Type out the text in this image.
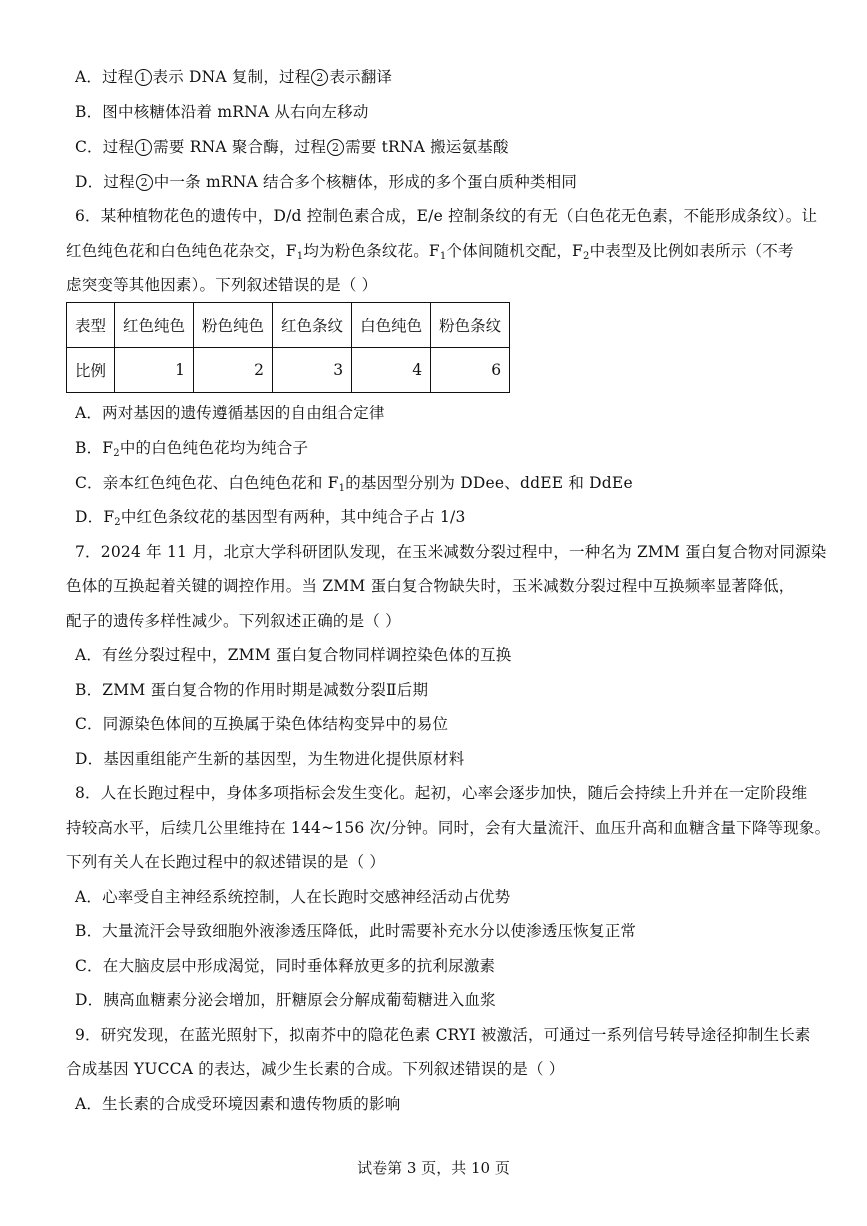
A．过程 1 表示 DNA 复制，过程 2 表示翻译
B．图中核糖体沿着 mRNA 从右向左移动
C．过程 1 需要 RNA 聚合酶，过程 2 需要 tRNA 搬运氨基酸
D．过程 2 中一条 mRNA 结合多个核糖体，形成的多个蛋白质种类相同
6．某种植物花色的遗传中，D/d 控制色素合成，E/e 控制条纹的有无（白色花无色素，不能形成条纹）。让
红色纯色花和白色纯色花杂交，$F_1$均为粉色条纹花。$F_1$个体间随机交配，$F_2$中表型及比例如表所示（不考
虑突变等其他因素）。下列叙述错误的是（ ）
表型	红色纯色	粉色纯色	红色条纹	白色纯色	粉色条纹
比例	1	2	3	4	6
A．两对基因的遗传遵循基因的自由组合定律
B．$F_2$中的白色纯色花均为纯合子
C．亲本红色纯色花、白色纯色花和 $F_1$的基因型分别为 DDee、ddEE 和 DdEe
D．$F_2$中红色条纹花的基因型有两种，其中纯合子占 1/3
7．2024 年 11 月，北京大学科研团队发现，在玉米减数分裂过程中，一种名为 ZMM 蛋白复合物对同源染
色体的互换起着关键的调控作用。当 ZMM 蛋白复合物缺失时，玉米减数分裂过程中互换频率显著降低，
配子的遗传多样性减少。下列叙述正确的是（ ）
A．有丝分裂过程中，ZMM 蛋白复合物同样调控染色体的互换
B．ZMM 蛋白复合物的作用时期是减数分裂Ⅱ后期
C．同源染色体间的互换属于染色体结构变异中的易位
D．基因重组能产生新的基因型，为生物进化提供原材料
8．人在长跑过程中，身体多项指标会发生变化。起初，心率会逐步加快，随后会持续上升并在一定阶段维
持较高水平，后续几公里维持在 144~156 次/分钟。同时，会有大量流汗、血压升高和血糖含量下降等现象。
下列有关人在长跑过程中的叙述错误的是（ ）
A．心率受自主神经系统控制，人在长跑时交感神经活动占优势
B．大量流汗会导致细胞外液渗透压降低，此时需要补充水分以使渗透压恢复正常
C．在大脑皮层中形成渴觉，同时垂体释放更多的抗利尿激素
D．胰高血糖素分泌会增加，肝糖原会分解成葡萄糖进入血浆
9．研究发现，在蓝光照射下，拟南芥中的隐花色素 CRYI 被激活，可通过一系列信号转导途径抑制生长素
合成基因 YUCCA 的表达，减少生长素的合成。下列叙述错误的是（ ）
A．生长素的合成受环境因素和遗传物质的影响
试卷第 3 页，共 10 页
